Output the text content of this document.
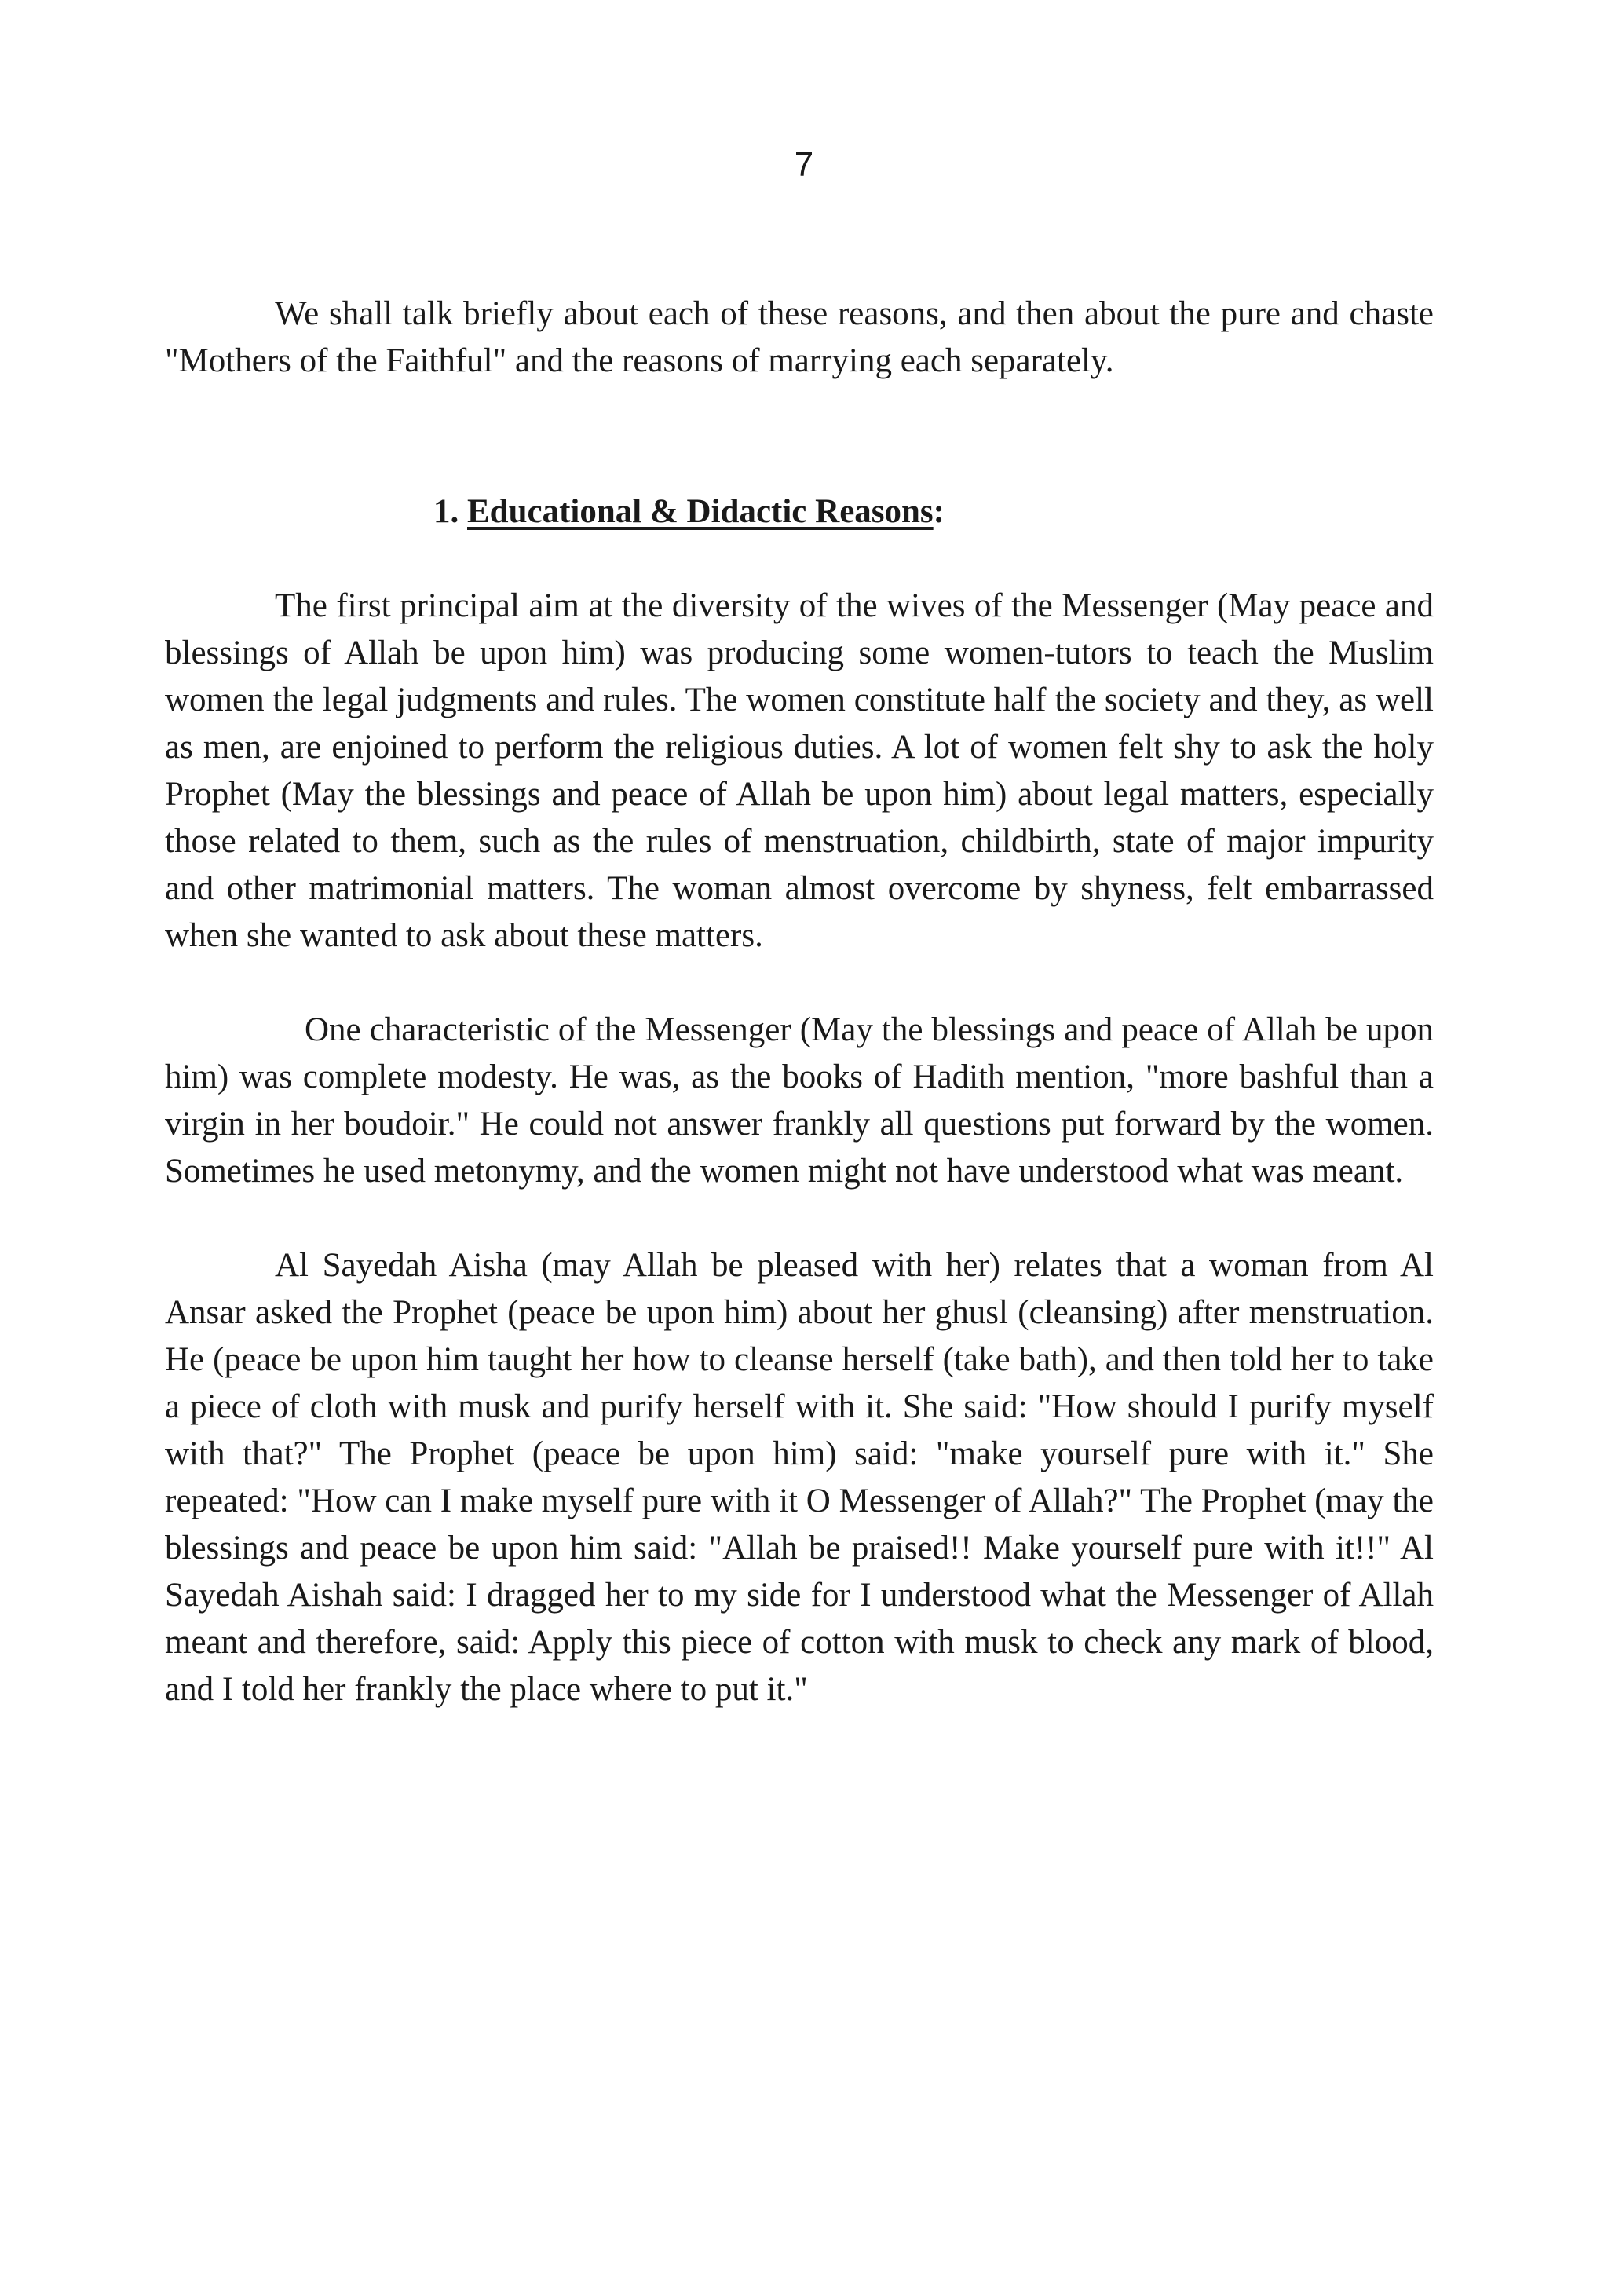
7

We shall talk briefly about each of these reasons, and then about the pure and chaste "Mothers of the Faithful" and the reasons of marrying each separately.

1. Educational & Didactic Reasons:

The first principal aim at the diversity of the wives of the Messenger (May peace and blessings of Allah be upon him) was producing some women-tutors to teach the Muslim women the legal judgments and rules. The women constitute half the society and they, as well as men, are enjoined to perform the religious duties. A lot of women felt shy to ask the holy Prophet (May the blessings and peace of Allah be upon him) about legal matters, especially those related to them, such as the rules of menstruation, childbirth, state of major impurity and other matrimonial matters. The woman almost overcome by shyness, felt embarrassed when she wanted to ask about these matters.

One characteristic of the Messenger (May the blessings and peace of Allah be upon him) was complete modesty. He was, as the books of Hadith mention, "more bashful than a virgin in her boudoir." He could not answer frankly all questions put forward by the women. Sometimes he used metonymy, and the women might not have understood what was meant.

Al Sayedah Aisha (may Allah be pleased with her) relates that a woman from Al Ansar asked the Prophet (peace be upon him) about her ghusl (cleansing) after menstruation. He (peace be upon him taught her how to cleanse herself (take bath), and then told her to take a piece of cloth with musk and purify herself with it. She said: "How should I purify myself with that?" The Prophet (peace be upon him) said: "make yourself pure with it." She repeated: "How can I make myself pure with it O Messenger of Allah?" The Prophet (may the blessings and peace be upon him said: "Allah be praised!! Make yourself pure with it!!" Al Sayedah Aishah said: I dragged her to my side for I understood what the Messenger of Allah meant and therefore, said: Apply this piece of cotton with musk to check any mark of blood, and I told her frankly the place where to put it."
